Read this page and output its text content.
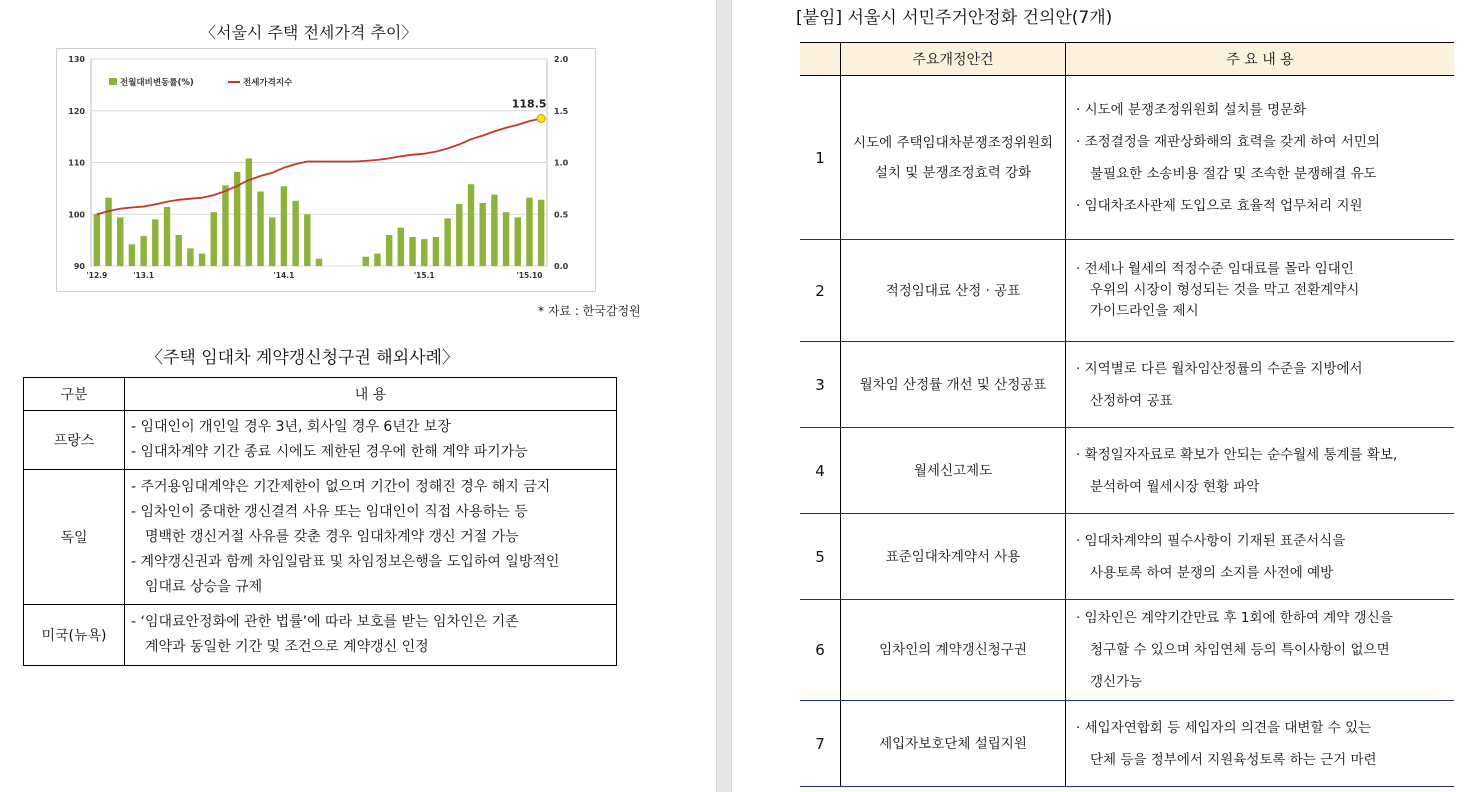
〈서울시 주택 전세가격 추이〉
130
120
110
100
90
2.0
1.5
1.0
0.5
0.0
118.5
'12.9	'13.1	'14.1	'15.1	'15.10
전월대비변동률(%)	전세가격지수
* 자료 : 한국감정원
〈주택 임대차 계약갱신청구권 해외사례〉
구분	내 용
프랑스	- 임대인이 개인일 경우 3년, 회사일 경우 6년간 보장
- 임대차계약 기간 종료 시에도 제한된 경우에 한해 계약 파기가능

독일	- 주거용임대계약은 기간제한이 없으며 기간이 정해진 경우 해지 금지
- 임차인이 중대한 갱신결격 사유 또는 임대인이 직접 사용하는 등
명백한 갱신거절 사유를 갖춘 경우 임대차계약 갱신 거절 가능
- 계약갱신권과 함께 차임일람표 및 차임정보은행을 도입하여 일방적인
임대료 상승을 규제

미국(뉴욕)	- ‘임대료안정화에 관한 법률’에 따라 보호를 받는 임차인은 기존
계약과 동일한 기간 및 조건으로 계약갱신 인정
[붙임] 서울시 서민주거안정화 건의안(7개)
	주요개정안건	주 요 내 용
1	시도에 주택임대차분쟁조정위원회
설치 및 분쟁조정효력 강화	· 시도에 분쟁조정위원회 설치를 명문화
· 조정결정을 재판상화해의 효력을 갖게 하여 서민의
불필요한 소송비용 절감 및 조속한 분쟁해결 유도
· 임대차조사관제 도입으로 효율적 업무처리 지원

2	적정임대료 산정 · 공표	· 전세나 월세의 적정수준 임대료를 몰라 임대인
우위의 시장이 형성되는 것을 막고 전환계약시
가이드라인을 제시

3	월차임 산정률 개선 및 산정공표	· 지역별로 다른 월차임산정률의 수준을 지방에서
산정하여 공표

4	월세신고제도	· 확정일자자료로 확보가 안되는 순수월세 통계를 확보,
분석하여 월세시장 현황 파악

5	표준임대차계약서 사용	· 임대차계약의 필수사항이 기재된 표준서식을
사용토록 하여 분쟁의 소지를 사전에 예방

6	임차인의 계약갱신청구권	· 임차인은 계약기간만료 후 1회에 한하여 계약 갱신을
청구할 수 있으며 차임연체 등의 특이사항이 없으면
갱신가능

7	세입자보호단체 설립지원	· 세입자연합회 등 세입자의 의견을 대변할 수 있는
단체 등을 정부에서 지원육성토록 하는 근거 마련
